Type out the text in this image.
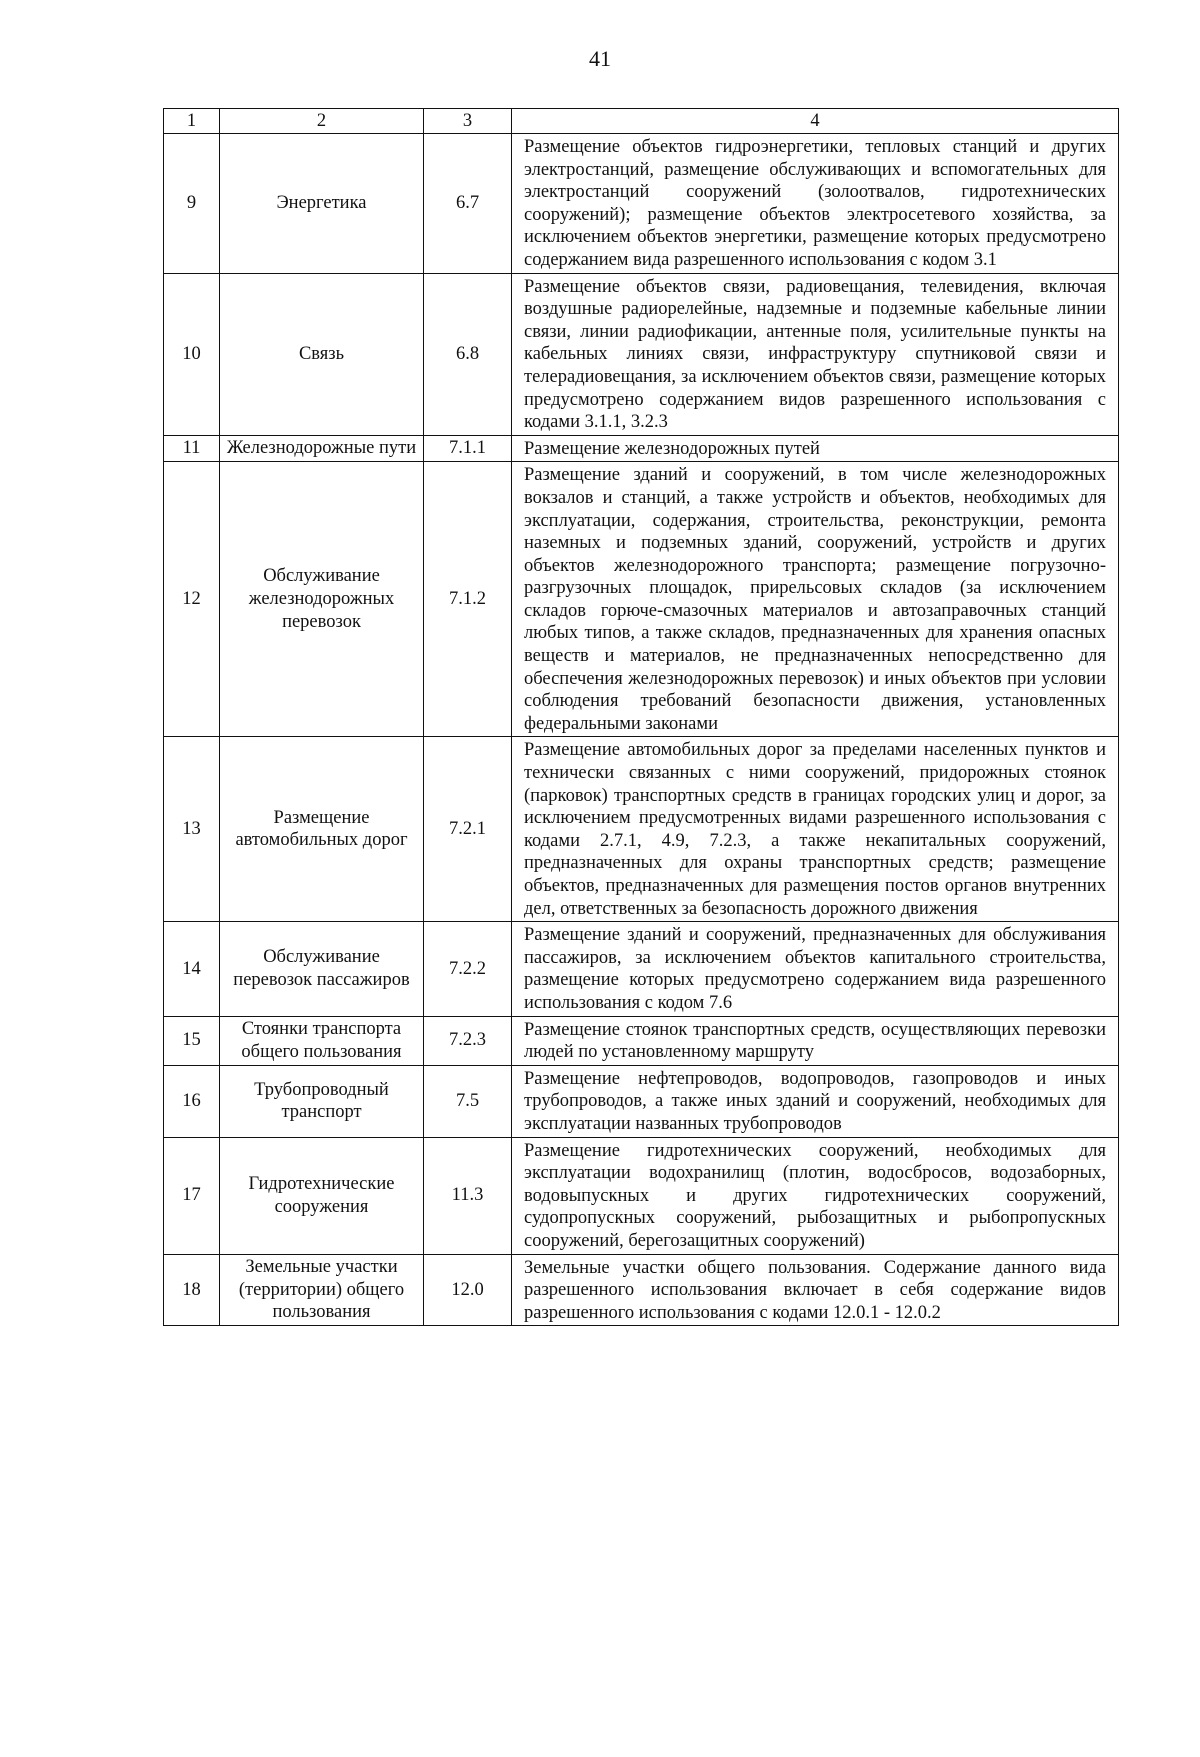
41
1	2	3	4
9	Энергетика	6.7	Размещение объектов гидроэнергетики, тепловых станций и других электростанций, размещение обслуживающих и вспомогательных для электростанций сооружений (золоотвалов, гидротехнических сооружений); размещение объектов электросетевого хозяйства, за исключением объектов энергетики, размещение которых предусмотрено содержанием вида разрешенного использования с кодом 3.1
10	Связь	6.8	Размещение объектов связи, радиовещания, телевидения, включая воздушные радиорелейные, надземные и подземные кабельные линии связи, линии радиофикации, антенные поля, усилительные пункты на кабельных линиях связи, инфраструктуру спутниковой связи и телерадиовещания, за исключением объектов связи, размещение которых предусмотрено содержанием видов разрешенного использования с кодами 3.1.1, 3.2.3
11	Железнодорожные пути	7.1.1	Размещение железнодорожных путей
12	Обслуживание железнодорожных перевозок	7.1.2	Размещение зданий и сооружений, в том числе железнодорожных вокзалов и станций, а также устройств и объектов, необходимых для эксплуатации, содержания, строительства, реконструкции, ремонта наземных и подземных зданий, сооружений, устройств и других объектов железнодорожного транспорта; размещение погрузочно-разгрузочных площадок, прирельсовых складов (за исключением складов горюче-смазочных материалов и автозаправочных станций любых типов, а также складов, предназначенных для хранения опасных веществ и материалов, не предназначенных непосредственно для обеспечения железнодорожных перевозок) и иных объектов при условии соблюдения требований безопасности движения, установленных федеральными законами
13	Размещение автомобильных дорог	7.2.1	Размещение автомобильных дорог за пределами населенных пунктов и технически связанных с ними сооружений, придорожных стоянок (парковок) транспортных средств в границах городских улиц и дорог, за исключением предусмотренных видами разрешенного использования с кодами 2.7.1, 4.9, 7.2.3, а также некапитальных сооружений, предназначенных для охраны транспортных средств; размещение объектов, предназначенных для размещения постов органов внутренних дел, ответственных за безопасность дорожного движения
14	Обслуживание перевозок пассажиров	7.2.2	Размещение зданий и сооружений, предназначенных для обслуживания пассажиров, за исключением объектов капитального строительства, размещение которых предусмотрено содержанием вида разрешенного использования с кодом 7.6
15	Стоянки транспорта общего пользования	7.2.3	Размещение стоянок транспортных средств, осуществляющих перевозки людей по установленному маршруту
16	Трубопроводный транспорт	7.5	Размещение нефтепроводов, водопроводов, газопроводов и иных трубопроводов, а также иных зданий и сооружений, необходимых для эксплуатации названных трубопроводов
17	Гидротехнические сооружения	11.3	Размещение гидротехнических сооружений, необходимых для эксплуатации водохранилищ (плотин, водосбросов, водозаборных, водовыпускных и других гидротехнических сооружений, судопропускных сооружений, рыбозащитных и рыбопропускных сооружений, берегозащитных сооружений)
18	Земельные участки (территории) общего пользования	12.0	Земельные участки общего пользования. Содержание данного вида разрешенного использования включает в себя содержание видов разрешенного использования с кодами 12.0.1 - 12.0.2
